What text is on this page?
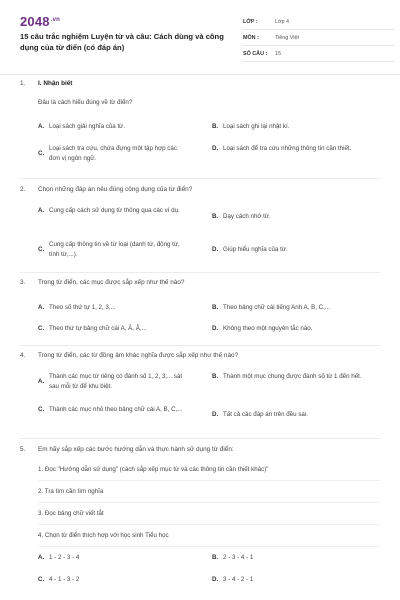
$2048^{.vn}$
15 câu trắc nghiệm Luyện từ và câu: Cách dùng và công dụng của từ điển (có đáp án)
LỚP :	Lớp 4
MÔN :	Tiếng Việt
SỐ CÂU :	15
1.	I. Nhận biết
Đâu là cách hiểu đúng về từ điển?
A. Loại sách giải nghĩa của từ.	B. Loại sách ghi lại nhật kí.
C.
Loại sách tra cứu, chứa đựng một tập hợp các đơn vị ngôn ngữ.
D. Loại sách để tra cứu những thông tin cần thiết.
2.	Chọn những đáp án nêu đúng công dụng của từ điển?
A. Cung cấp cách sử dụng từ thông qua các ví dụ.
B. Dạy cách nhớ từ.
C.
Cung cấp thông tin về từ loại (danh từ, động từ, tính từ,...).
D. Giúp hiểu nghĩa của từ.
3.	Trong từ điển, các mục được sắp xếp như thế nào?
A. Theo số thứ tự 1, 2, 3,...	B. Theo bảng chữ cái tiếng Anh A, B, C,...
C. Theo thứ tự bảng chữ cái A, Ă, Â,...	D. Không theo một nguyên tắc nào.
4.	Trong từ điển, các từ đồng âm khác nghĩa được sắp xếp như thế nào?
A.
Thành các mục từ riêng có đánh số 1, 2, 3,... sát sau mỗi từ để khu biệt.
B. Thành một mục chung được đánh số từ 1 đến hết.
C. Thành các mục nhỏ theo bảng chữ cái A, B, C,...
D. Tất cả các đáp án trên đều sai.
5.	Em hãy sắp xếp các bước hướng dẫn và thực hành sử dụng từ điển:
1. Đọc "Hướng dẫn sử dụng" (cách sắp xếp mục từ và các thông tin cần thiết khác)"
2. Tra tìm cần tìm nghĩa
3. Đọc bảng chữ viết tắt
4. Chọn từ điển thích hợp với học sinh Tiểu học
A. 1 - 2 - 3 - 4	B. 2 - 3 - 4 - 1
C. 4 - 1 - 3 - 2	D. 3 - 4 - 2 - 1
